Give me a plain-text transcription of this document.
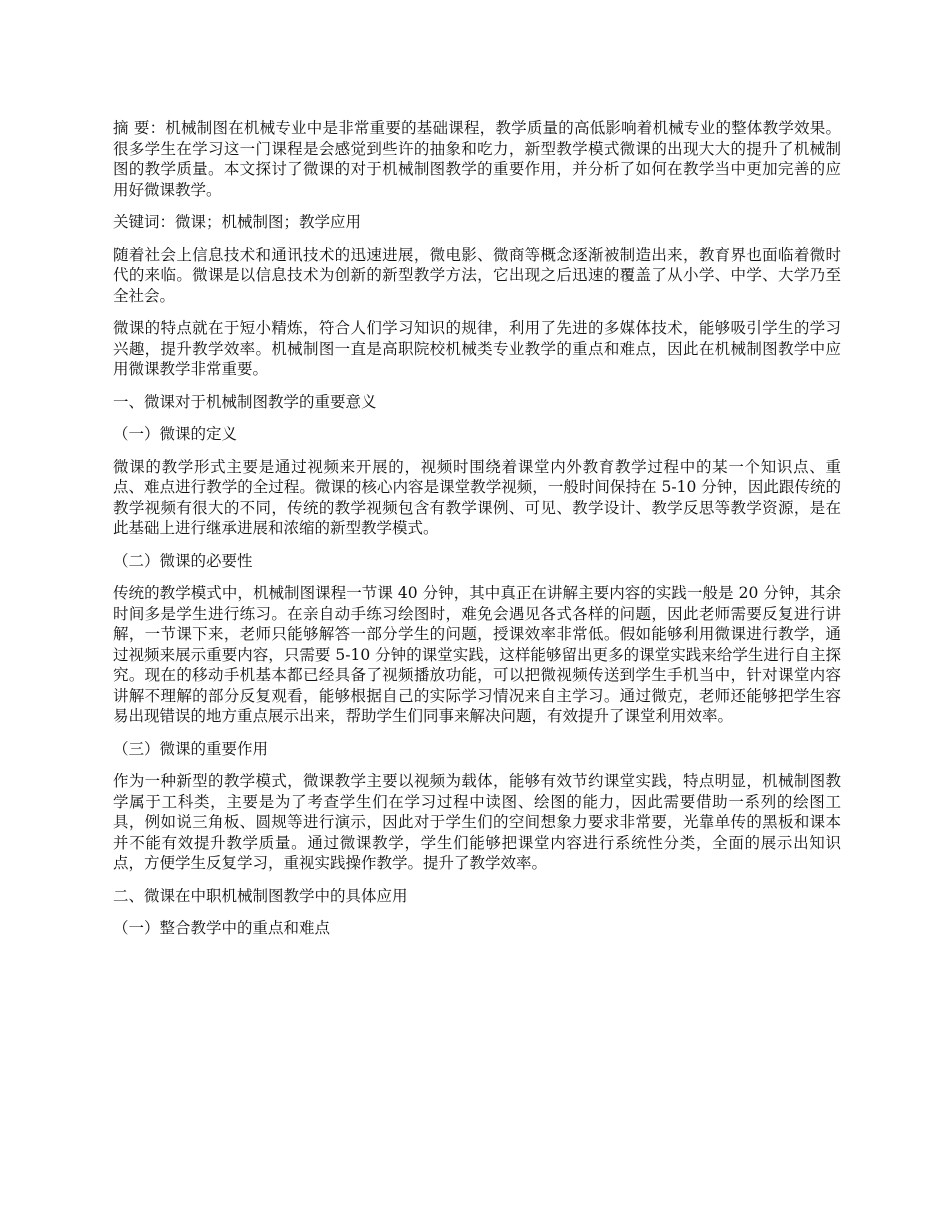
摘 要：机械制图在机械专业中是非常重要的基础课程，教学质量的高低影响着机械专业的整体教学效果。很多学生在学习这一门课程是会感觉到些许的抽象和吃力，新型教学模式微课的出现大大的提升了机械制图的教学质量。本文探讨了微课的对于机械制图教学的重要作用，并分析了如何在教学当中更加完善的应用好微课教学。

关键词：微课；机械制图；教学应用

随着社会上信息技术和通讯技术的迅速进展，微电影、微商等概念逐渐被制造出来，教育界也面临着微时代的来临。微课是以信息技术为创新的新型教学方法，它出现之后迅速的覆盖了从小学、中学、大学乃至全社会。

微课的特点就在于短小精炼，符合人们学习知识的规律，利用了先进的多媒体技术，能够吸引学生的学习兴趣，提升教学效率。机械制图一直是高职院校机械类专业教学的重点和难点，因此在机械制图教学中应用微课教学非常重要。

一、微课对于机械制图教学的重要意义

（一）微课的定义

微课的教学形式主要是通过视频来开展的，视频时围绕着课堂内外教育教学过程中的某一个知识点、重点、难点进行教学的全过程。微课的核心内容是课堂教学视频，一般时间保持在 5-10 分钟，因此跟传统的教学视频有很大的不同，传统的教学视频包含有教学课例、可见、教学设计、教学反思等教学资源，是在此基础上进行继承进展和浓缩的新型教学模式。

（二）微课的必要性

传统的教学模式中，机械制图课程一节课 40 分钟，其中真正在讲解主要内容的实践一般是 20 分钟，其余时间多是学生进行练习。在亲自动手练习绘图时，难免会遇见各式各样的问题，因此老师需要反复进行讲解，一节课下来，老师只能够解答一部分学生的问题，授课效率非常低。假如能够利用微课进行教学，通过视频来展示重要内容，只需要 5-10 分钟的课堂实践，这样能够留出更多的课堂实践来给学生进行自主探究。现在的移动手机基本都已经具备了视频播放功能，可以把微视频传送到学生手机当中，针对课堂内容讲解不理解的部分反复观看，能够根据自己的实际学习情况来自主学习。通过微克，老师还能够把学生容易出现错误的地方重点展示出来，帮助学生们同事来解决问题，有效提升了课堂利用效率。

（三）微课的重要作用

作为一种新型的教学模式，微课教学主要以视频为载体，能够有效节约课堂实践，特点明显，机械制图教学属于工科类，主要是为了考查学生们在学习过程中读图、绘图的能力，因此需要借助一系列的绘图工具，例如说三角板、圆规等进行演示，因此对于学生们的空间想象力要求非常要，光靠单传的黑板和课本并不能有效提升教学质量。通过微课教学，学生们能够把课堂内容进行系统性分类，全面的展示出知识点，方便学生反复学习，重视实践操作教学。提升了教学效率。

二、微课在中职机械制图教学中的具体应用

（一）整合教学中的重点和难点
